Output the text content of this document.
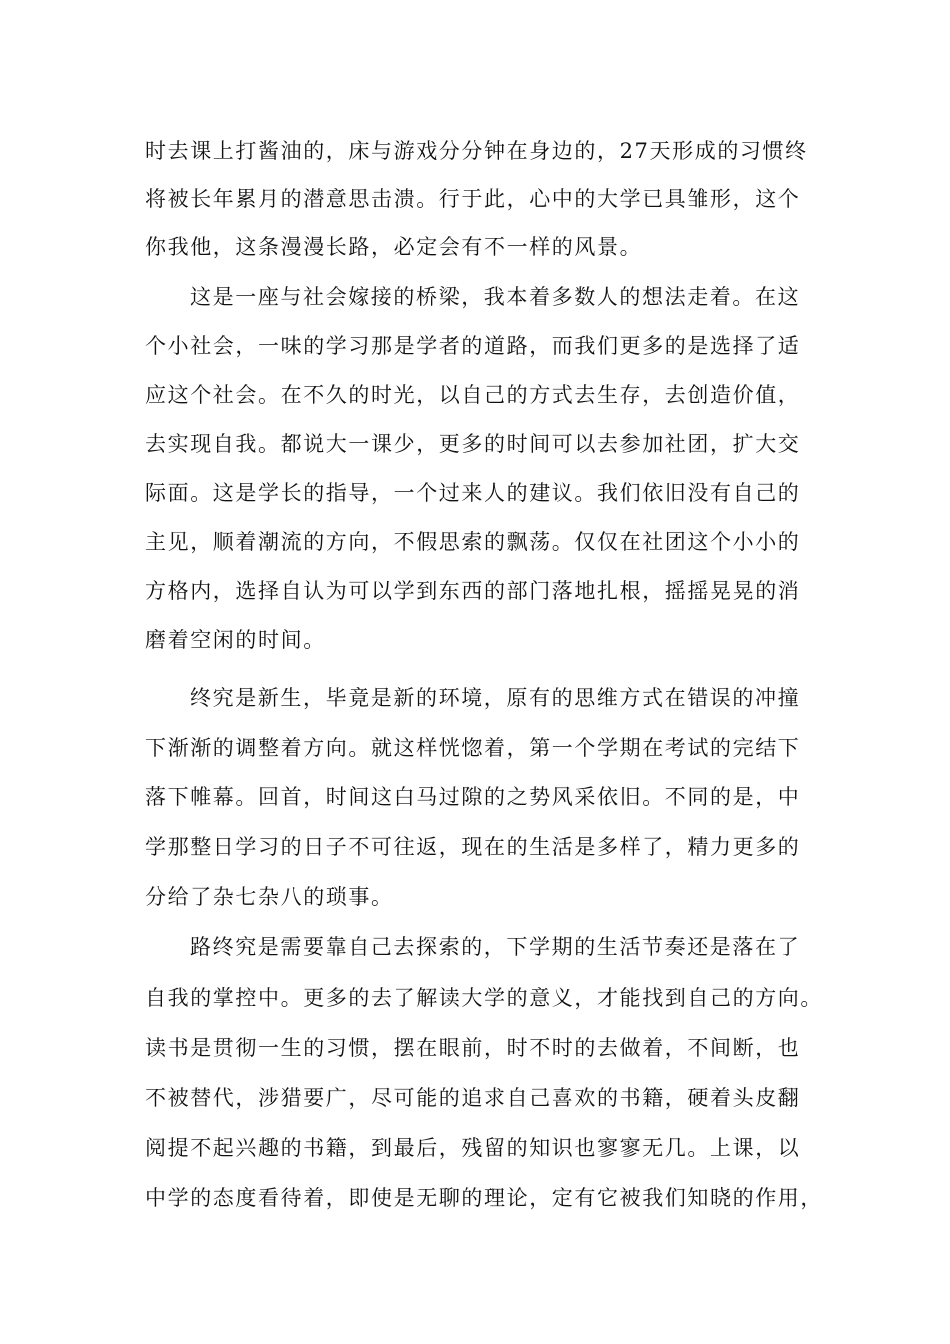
时去课上打酱油的，床与游戏分分钟在身边的，27天形成的习惯终
将被长年累月的潜意思击溃。行于此，心中的大学已具雏形，这个
你我他，这条漫漫长路，必定会有不一样的风景。
这是一座与社会嫁接的桥梁，我本着多数人的想法走着。在这
个小社会，一味的学习那是学者的道路，而我们更多的是选择了适
应这个社会。在不久的时光，以自己的方式去生存，去创造价值，
去实现自我。都说大一课少，更多的时间可以去参加社团，扩大交
际面。这是学长的指导，一个过来人的建议。我们依旧没有自己的
主见，顺着潮流的方向，不假思索的飘荡。仅仅在社团这个小小的
方格内，选择自认为可以学到东西的部门落地扎根，摇摇晃晃的消
磨着空闲的时间。
终究是新生，毕竟是新的环境，原有的思维方式在错误的冲撞
下渐渐的调整着方向。就这样恍惚着，第一个学期在考试的完结下
落下帷幕。回首，时间这白马过隙的之势风采依旧。不同的是，中
学那整日学习的日子不可往返，现在的生活是多样了，精力更多的
分给了杂七杂八的琐事。
路终究是需要靠自己去探索的，下学期的生活节奏还是落在了
自我的掌控中。更多的去了解读大学的意义，才能找到自己的方向。
读书是贯彻一生的习惯，摆在眼前，时不时的去做着，不间断，也
不被替代，涉猎要广，尽可能的追求自己喜欢的书籍，硬着头皮翻
阅提不起兴趣的书籍，到最后，残留的知识也寥寥无几。上课，以
中学的态度看待着，即使是无聊的理论，定有它被我们知晓的作用，
